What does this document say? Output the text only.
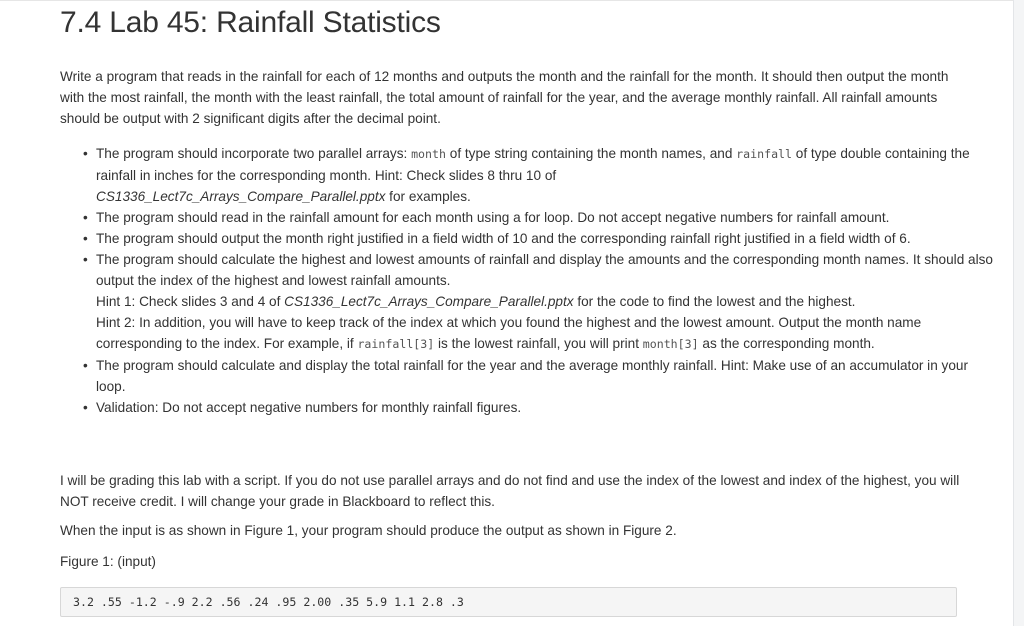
7.4 Lab 45: Rainfall Statistics

Write a program that reads in the rainfall for each of 12 months and outputs the month and the rainfall for the month. It should then output the month with the most rainfall, the month with the least rainfall, the total amount of rainfall for the year, and the average monthly rainfall. All rainfall amounts should be output with 2 significant digits after the decimal point.

• The program should incorporate two parallel arrays: month of type string containing the month names, and rainfall of type double containing the rainfall in inches for the corresponding month. Hint: Check slides 8 thru 10 of
CS1336_Lect7c_Arrays_Compare_Parallel.pptx for examples.
• The program should read in the rainfall amount for each month using a for loop. Do not accept negative numbers for rainfall amount.
• The program should output the month right justified in a field width of 10 and the corresponding rainfall right justified in a field width of 6.
• The program should calculate the highest and lowest amounts of rainfall and display the amounts and the corresponding month names. It should also output the index of the highest and lowest rainfall amounts.
Hint 1: Check slides 3 and 4 of CS1336_Lect7c_Arrays_Compare_Parallel.pptx for the code to find the lowest and the highest.
Hint 2: In addition, you will have to keep track of the index at which you found the highest and the lowest amount. Output the month name corresponding to the index. For example, if rainfall[3] is the lowest rainfall, you will print month[3] as the corresponding month.
• The program should calculate and display the total rainfall for the year and the average monthly rainfall. Hint: Make use of an accumulator in your loop.
• Validation: Do not accept negative numbers for monthly rainfall figures.

I will be grading this lab with a script. If you do not use parallel arrays and do not find and use the index of the lowest and index of the highest, you will NOT receive credit. I will change your grade in Blackboard to reflect this.

When the input is as shown in Figure 1, your program should produce the output as shown in Figure 2.

Figure 1: (input)

3.2 .55 -1.2 -.9 2.2 .56 .24 .95 2.00 .35 5.9 1.1 2.8 .3
